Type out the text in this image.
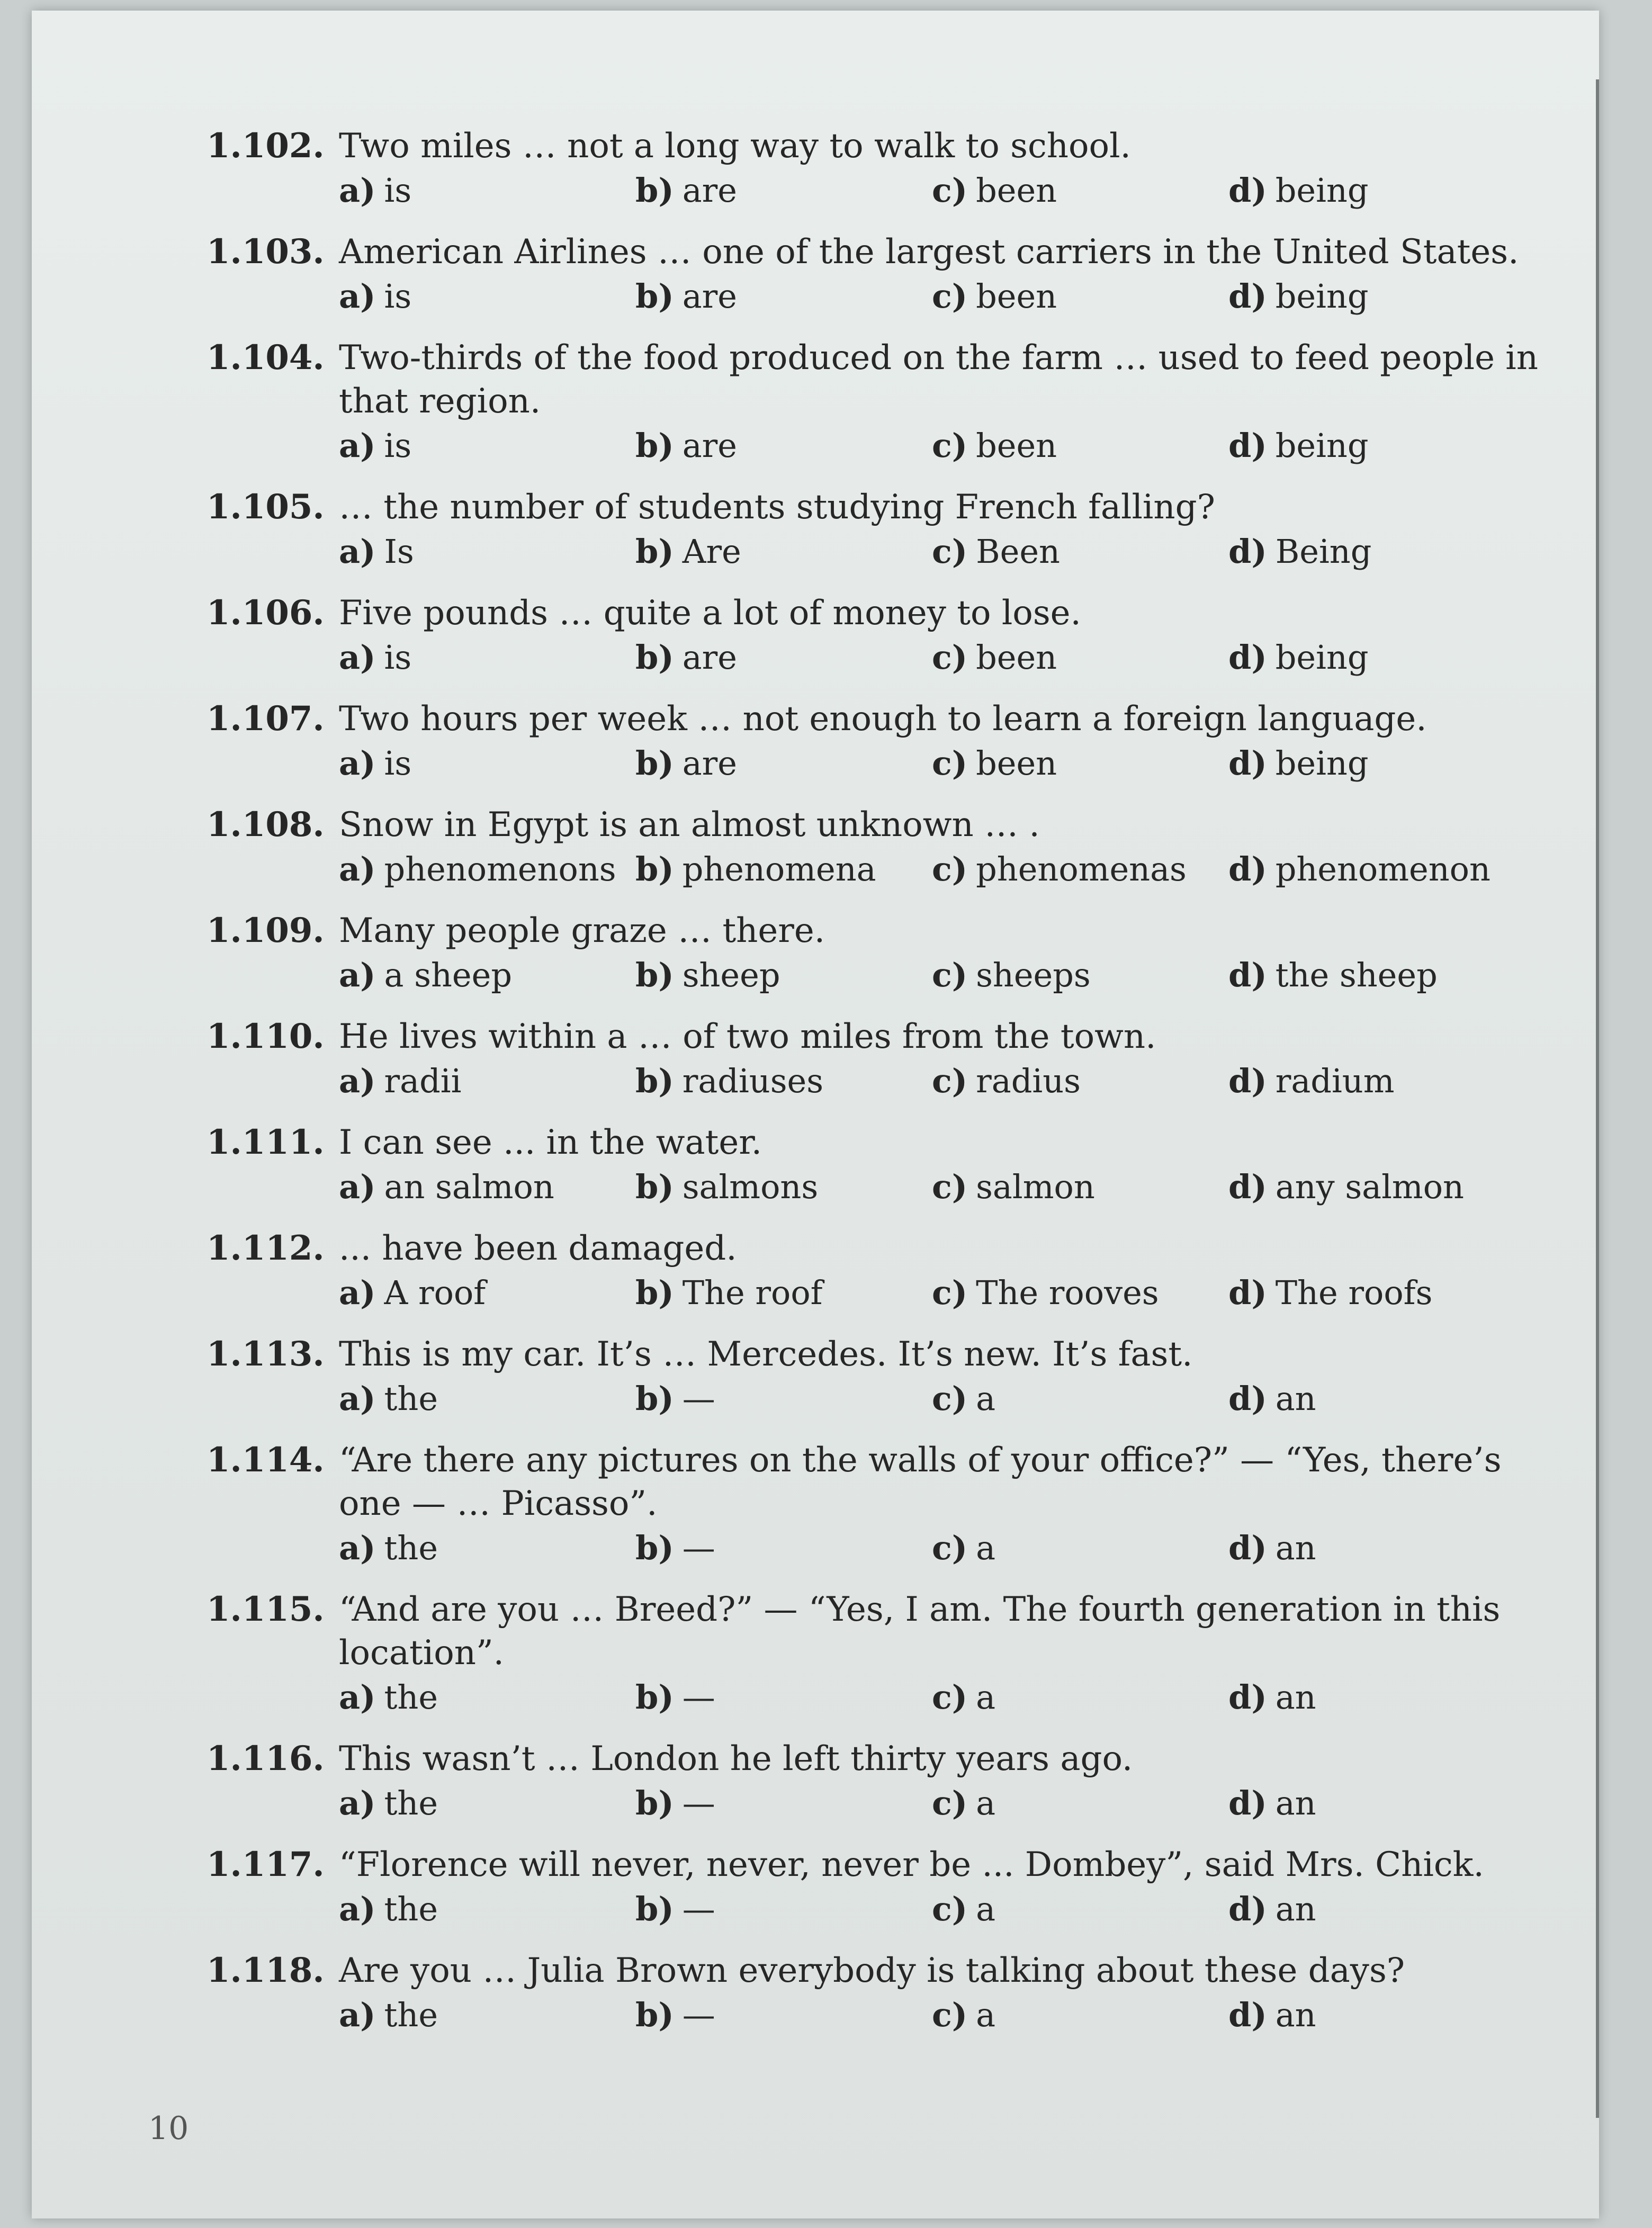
1.102. Two miles … not a long way to walk to school.
a) is	b) are	c) been	d) being
1.103. American Airlines … one of the largest carriers in the United States.
a) is	b) are	c) been	d) being
1.104. Two-thirds of the food produced on the farm … used to feed people in that region.
a) is	b) are	c) been	d) being
1.105. … the number of students studying French falling?
a) Is	b) Are	c) Been	d) Being
1.106. Five pounds … quite a lot of money to lose.
a) is	b) are	c) been	d) being
1.107. Two hours per week … not enough to learn a foreign language.
a) is	b) are	c) been	d) being
1.108. Snow in Egypt is an almost unknown … .
a) phenomenons b) phenomena	c) phenomenas	d) phenomenon
1.109. Many people graze … there.
a) a sheep	b) sheep	c) sheeps	d) the sheep
1.110. He lives within a … of two miles from the town.
a) radii	b) radiuses	c) radius	d) radium
1.111. I can see ... in the water.
a) an salmon	b) salmons	c) salmon	d) any salmon
1.112. ... have been damaged.
a) A roof	b) The roof	c) The rooves	d) The roofs
1.113. This is my car. It’s … Mercedes. It’s new. It’s fast.
a) the	b) —	c) a	d) an
1.114. “Are there any pictures on the walls of your office?” — “Yes, there’s one — … Picasso”.
a) the	b) —	c) a	d) an
1.115. “And are you … Breed?” — “Yes, I am. The fourth generation in this location”.
a) the	b) —	c) a	d) an
1.116. This wasn’t … London he left thirty years ago.
a) the	b) —	c) a	d) an
1.117. “Florence will never, never, never be ... Dombey”, said Mrs. Chick.
a) the	b) —	c) a	d) an
1.118. Are you … Julia Brown everybody is talking about these days?
a) the	b) —	c) a	d) an
10
